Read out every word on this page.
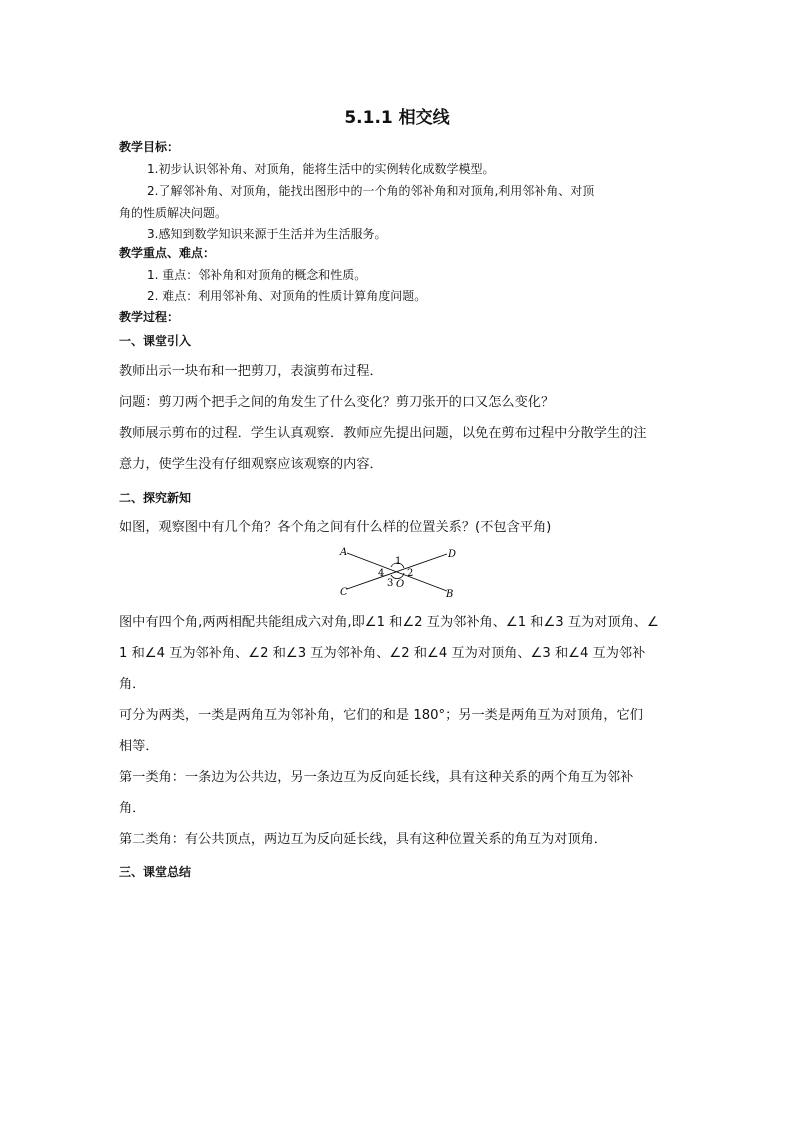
5.1.1 相交线
教学目标：
1.初步认识邻补角、对顶角，能将生活中的实例转化成数学模型。
2.了解邻补角、对顶角，能找出图形中的一个角的邻补角和对顶角,利用邻补角、对顶
角的性质解决问题。
3.感知到数学知识来源于生活并为生活服务。
教学重点、难点：
1. 重点：邻补角和对顶角的概念和性质。
2. 难点：利用邻补角、对顶角的性质计算角度问题。
教学过程：
一、课堂引入
教师出示一块布和一把剪刀，表演剪布过程．
问题：剪刀两个把手之间的角发生了什么变化？剪刀张开的口又怎么变化？
教师展示剪布的过程．学生认真观察．教师应先提出问题，以免在剪布过程中分散学生的注
意力，使学生没有仔细观察应该观察的内容．
二、探究新知
如图，观察图中有几个角？各个角之间有什么样的位置关系？(不包含平角)
A	D
C	B
O
1
2
3
4
图中有四个角,两两相配共能组成六对角,即∠1 和∠2 互为邻补角、∠1 和∠3 互为对顶角、∠
1 和∠4 互为邻补角、∠2 和∠3 互为邻补角、∠2 和∠4 互为对顶角、∠3 和∠4 互为邻补
角．
可分为两类，一类是两角互为邻补角，它们的和是 180°；另一类是两角互为对顶角，它们
相等．
第一类角：一条边为公共边，另一条边互为反向延长线，具有这种关系的两个角互为邻补
角．
第二类角：有公共顶点，两边互为反向延长线，具有这种位置关系的角互为对顶角．
三、课堂总结
